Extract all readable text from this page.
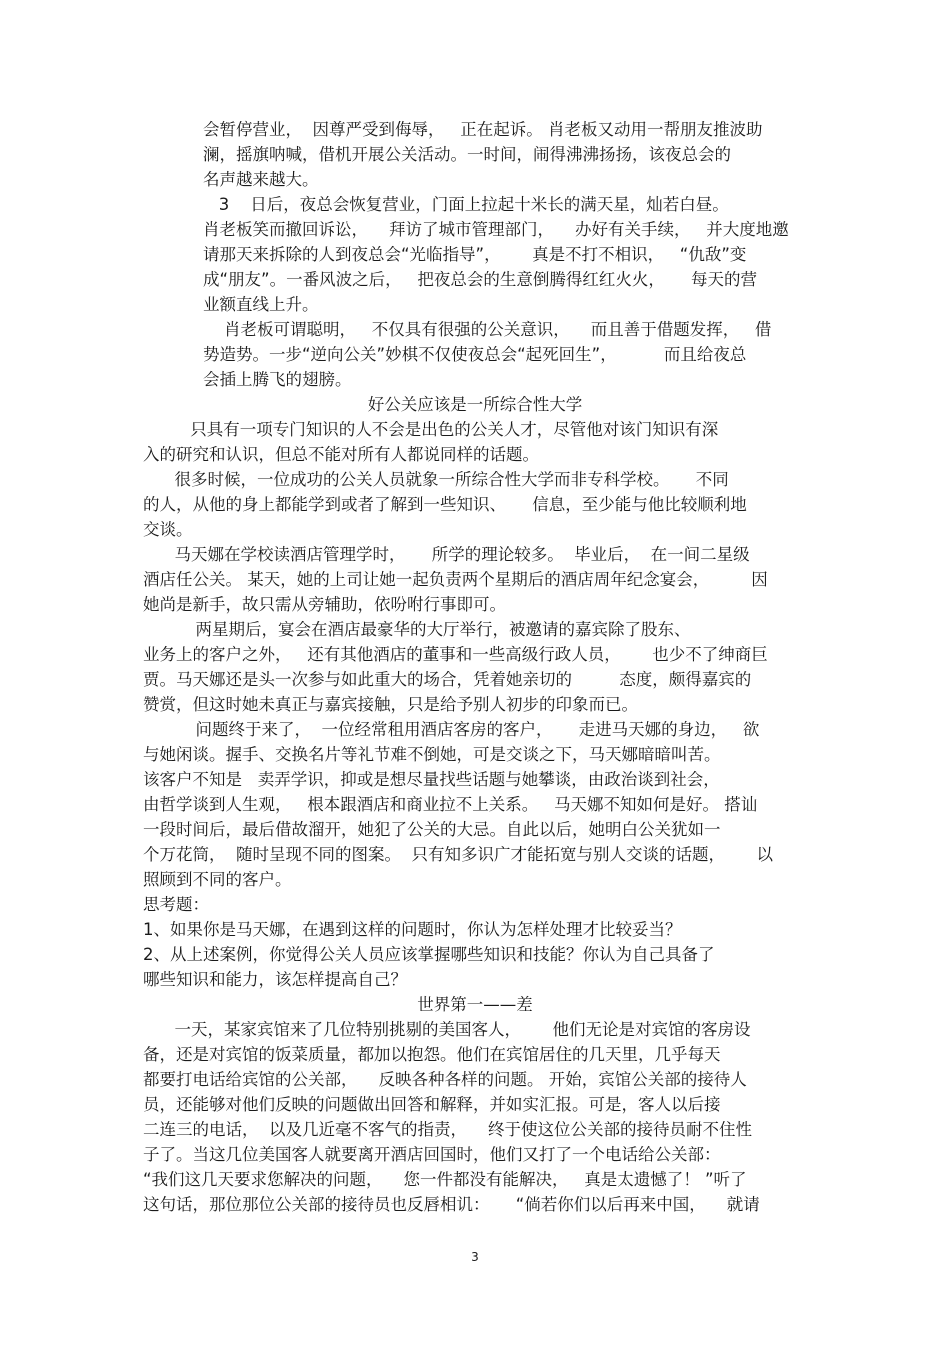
会暂停营业，  因尊严受到侮辱，   正在起诉。 肖老板又动用一帮朋友推波助
澜，摇旗呐喊，借机开展公关活动。一时间，闹得沸沸扬扬，该夜总会的
名声越来越大。
3    日后，夜总会恢复营业，门面上拉起十米长的满天星，灿若白昼。
肖老板笑而撤回诉讼，    拜访了城市管理部门，    办好有关手续，   并大度地邀
请那天来拆除的人到夜总会“光临指导”，      真是不打不相识，   “仇敌”变
成“朋友”。一番风波之后，   把夜总会的生意倒腾得红红火火，     每天的营
业额直线上升。
肖老板可谓聪明，   不仅具有很强的公关意识，    而且善于借题发挥，   借
势造势。一步“逆向公关”妙棋不仅使夜总会“起死回生”，         而且给夜总
会插上腾飞的翅膀。
好公关应该是一所综合性大学
只具有一项专门知识的人不会是出色的公关人才，尽管他对该门知识有深
入的研究和认识，但总不能对所有人都说同样的话题。
很多时候，一位成功的公关人员就象一所综合性大学而非专科学校。     不同
的人，从他的身上都能学到或者了解到一些知识、     信息，至少能与他比较顺利地
交谈。
马天娜在学校读酒店管理学时，     所学的理论较多。  毕业后，  在一间二星级
酒店任公关。 某天，她的上司让她一起负责两个星期后的酒店周年纪念宴会，        因
她尚是新手，故只需从旁辅助，依吩咐行事即可。
两星期后，宴会在酒店最豪华的大厅举行，被邀请的嘉宾除了股东、
业务上的客户之外，   还有其他酒店的董事和一些高级行政人员，      也少不了绅商巨
贾。马天娜还是头一次参与如此重大的场合，凭着她亲切的         态度，颇得嘉宾的
赞赏，但这时她未真正与嘉宾接触，只是给予别人初步的印象而已。
问题终于来了，  一位经常租用酒店客房的客户，     走进马天娜的身边，   欲
与她闲谈。握手、交换名片等礼节难不倒她，可是交谈之下，马天娜暗暗叫苦。
该客户不知是   卖弄学识，抑或是想尽量找些话题与她攀谈，由政治谈到社会，
由哲学谈到人生观，   根本跟酒店和商业拉不上关系。   马天娜不知如何是好。 搭讪
一段时间后，最后借故溜开，她犯了公关的大忌。自此以后，她明白公关犹如一
个万花筒，  随时呈现不同的图案。  只有知多识广才能拓宽与别人交谈的话题，      以
照顾到不同的客户。
思考题：
1、如果你是马天娜，在遇到这样的问题时，你认为怎样处理才比较妥当？
2、从上述案例，你觉得公关人员应该掌握哪些知识和技能？你认为自己具备了
哪些知识和能力，该怎样提高自己？
世界第一——差
一天，某家宾馆来了几位特别挑剔的美国客人，      他们无论是对宾馆的客房设
备，还是对宾馆的饭菜质量，都加以抱怨。他们在宾馆居住的几天里，几乎每天
都要打电话给宾馆的公关部，    反映各种各样的问题。 开始，宾馆公关部的接待人
员，还能够对他们反映的问题做出回答和解释，并如实汇报。可是，客人以后接
二连三的电话，  以及几近毫不客气的指责，    终于使这位公关部的接待员耐不住性
子了。当这几位美国客人就要离开酒店回国时，他们又打了一个电话给公关部：
“我们这几天要求您解决的问题，    您一件都没有能解决，   真是太遗憾了！ ”听了
这句话，那位那位公关部的接待员也反唇相讥：     “倘若你们以后再来中国，    就请
3
